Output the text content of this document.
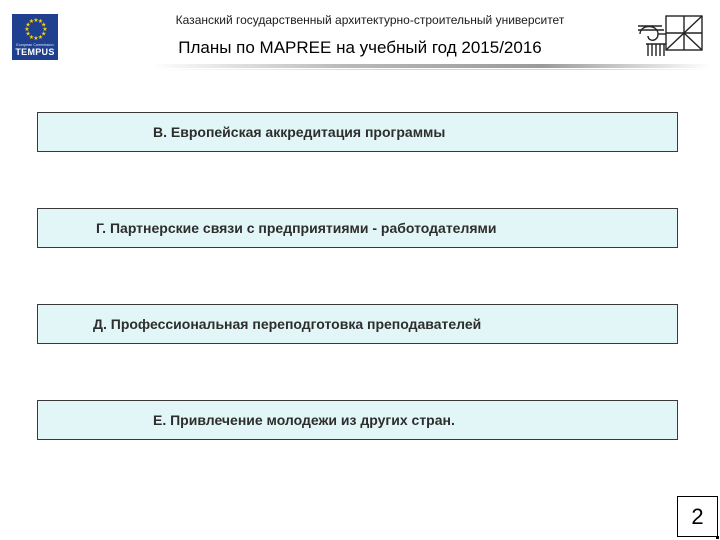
★ ★
★
★
★
★
★
★
★
★
★
★
European Commission
TEMPUS
Казанский государственный архитектурно-строительный университет
Планы по MAPREE на учебный год 2015/2016
В. Европейская аккредитация программы
Г. Партнерские связи с предприятиями - работодателями
Д. Профессиональная переподготовка преподавателей
Е. Привлечение молодежи из других стран.
2
